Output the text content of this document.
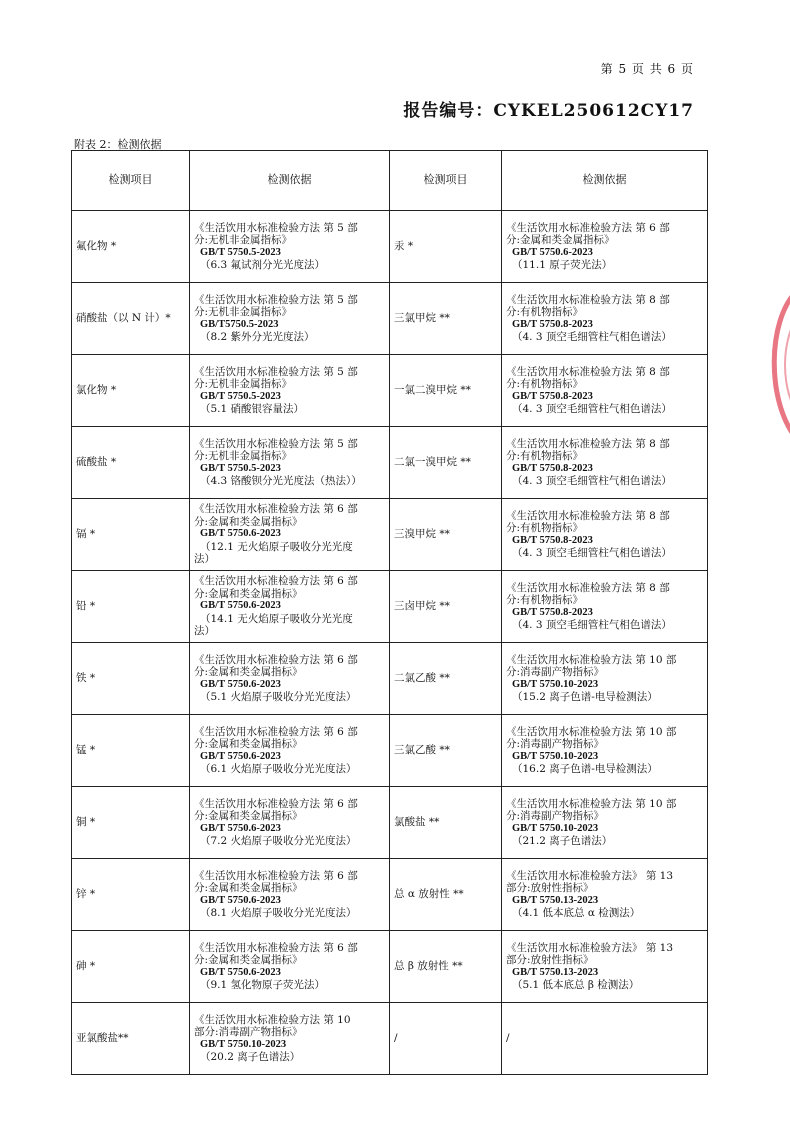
第 5 页 共 6 页
报告编号：CYKEL250612CY17
附表 2：检测依据
检测项目	检测依据	检测项目	检测依据
氟化物 *	《生活饮用水标准检验方法 第 5 部
分:无机非金属指标》
GB/T 5750.5-2023
（6.3 氟试剂分光光度法）	汞 *	《生活饮用水标准检验方法 第 6 部
分:金属和类金属指标》
GB/T 5750.6-2023
（11.1 原子荧光法）

硝酸盐（以 N 计）*	《生活饮用水标准检验方法 第 5 部
分:无机非金属指标》
GB/T5750.5-2023
（8.2 紫外分光光度法）	三氯甲烷 **	《生活饮用水标准检验方法 第 8 部
分:有机物指标》
GB/T 5750.8-2023
（4. 3 顶空毛细管柱气相色谱法）

氯化物 *	《生活饮用水标准检验方法 第 5 部
分:无机非金属指标》
GB/T 5750.5-2023
（5.1 硝酸银容量法）	一氯二溴甲烷 **	《生活饮用水标准检验方法 第 8 部
分:有机物指标》
GB/T 5750.8-2023
（4. 3 顶空毛细管柱气相色谱法）

硫酸盐 *	《生活饮用水标准检验方法 第 5 部
分:无机非金属指标》
GB/T 5750.5-2023
（4.3 铬酸钡分光光度法（热法））	二氯一溴甲烷 **	《生活饮用水标准检验方法 第 8 部
分:有机物指标》
GB/T 5750.8-2023
（4. 3 顶空毛细管柱气相色谱法）

镉 *	《生活饮用水标准检验方法 第 6 部
分:金属和类金属指标》
GB/T 5750.6-2023
（12.1 无火焰原子吸收分光光度
法）	三溴甲烷 **	《生活饮用水标准检验方法 第 8 部
分:有机物指标》
GB/T 5750.8-2023
（4. 3 顶空毛细管柱气相色谱法）

铅 *	《生活饮用水标准检验方法 第 6 部
分:金属和类金属指标》
GB/T 5750.6-2023
（14.1 无火焰原子吸收分光光度
法）	三卤甲烷 **	《生活饮用水标准检验方法 第 8 部
分:有机物指标》
GB/T 5750.8-2023
（4. 3 顶空毛细管柱气相色谱法）

铁 *	《生活饮用水标准检验方法 第 6 部
分:金属和类金属指标》
GB/T 5750.6-2023
（5.1 火焰原子吸收分光光度法）	二氯乙酸 **	《生活饮用水标准检验方法 第 10 部
分:消毒副产物指标》
GB/T 5750.10-2023
（15.2 离子色谱-电导检测法）

锰 *	《生活饮用水标准检验方法 第 6 部
分:金属和类金属指标》
GB/T 5750.6-2023
（6.1 火焰原子吸收分光光度法）	三氯乙酸 **	《生活饮用水标准检验方法 第 10 部
分:消毒副产物指标》
GB/T 5750.10-2023
（16.2 离子色谱-电导检测法）

铜 *	《生活饮用水标准检验方法 第 6 部
分:金属和类金属指标》
GB/T 5750.6-2023
（7.2 火焰原子吸收分光光度法）	氯酸盐 **	《生活饮用水标准检验方法 第 10 部
分:消毒副产物指标》
GB/T 5750.10-2023
（21.2 离子色谱法）

锌 *	《生活饮用水标准检验方法 第 6 部
分:金属和类金属指标》
GB/T 5750.6-2023
（8.1 火焰原子吸收分光光度法）	总 α 放射性 **	《生活饮用水标准检验方法》 第 13
部分:放射性指标》
GB/T 5750.13-2023
（4.1 低本底总 α 检测法）

砷 *	《生活饮用水标准检验方法 第 6 部
分:金属和类金属指标》
GB/T 5750.6-2023
（9.1 氢化物原子荧光法）	总 β 放射性 **	《生活饮用水标准检验方法》 第 13
部分:放射性指标》
GB/T 5750.13-2023
（5.1 低本底总 β 检测法）

亚氯酸盐**	《生活饮用水标准检验方法 第 10
部分:消毒副产物指标》
GB/T 5750.10-2023
（20.2 离子色谱法）	/	/
